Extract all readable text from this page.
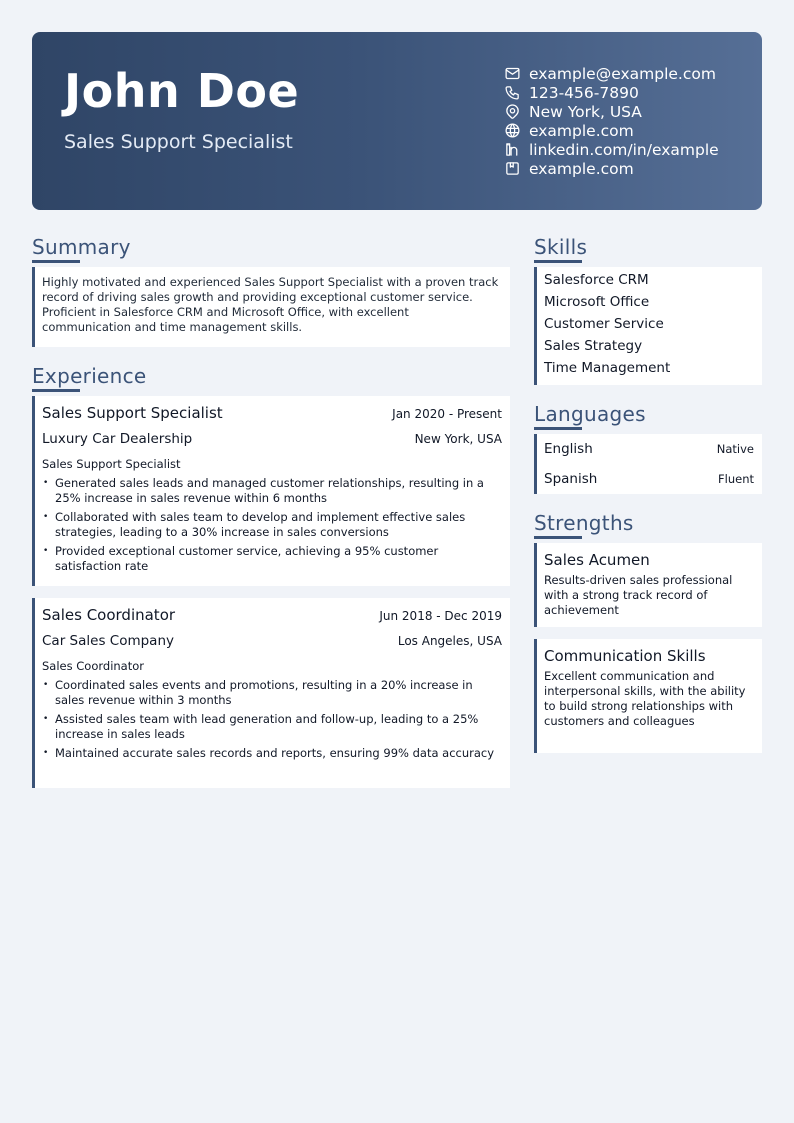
John Doe
Sales Support Specialist
example@example.com
123-456-7890
New York, USA
example.com
linkedin.com/in/example
example.com
Summary
Highly motivated and experienced Sales Support Specialist with a proven track record of driving sales growth and providing exceptional customer service. Proficient in Salesforce CRM and Microsoft Office, with excellent communication and time management skills.
Experience
Sales Support Specialist	Jan 2020 - Present
Luxury Car Dealership	New York, USA
Sales Support Specialist
• Generated sales leads and managed customer relationships, resulting in a 25% increase in sales revenue within 6 months
• Collaborated with sales team to develop and implement effective sales strategies, leading to a 30% increase in sales conversions
• Provided exceptional customer service, achieving a 95% customer satisfaction rate
Sales Coordinator	Jun 2018 - Dec 2019
Car Sales Company	Los Angeles, USA
Sales Coordinator
• Coordinated sales events and promotions, resulting in a 20% increase in sales revenue within 3 months
• Assisted sales team with lead generation and follow-up, leading to a 25% increase in sales leads
• Maintained accurate sales records and reports, ensuring 99% data accuracy
Skills
Salesforce CRM
Microsoft Office
Customer Service
Sales Strategy
Time Management
Languages
English	Native
Spanish	Fluent
Strengths
Sales Acumen
Results-driven sales professional with a strong track record of achievement
Communication Skills
Excellent communication and interpersonal skills, with the ability to build strong relationships with customers and colleagues
